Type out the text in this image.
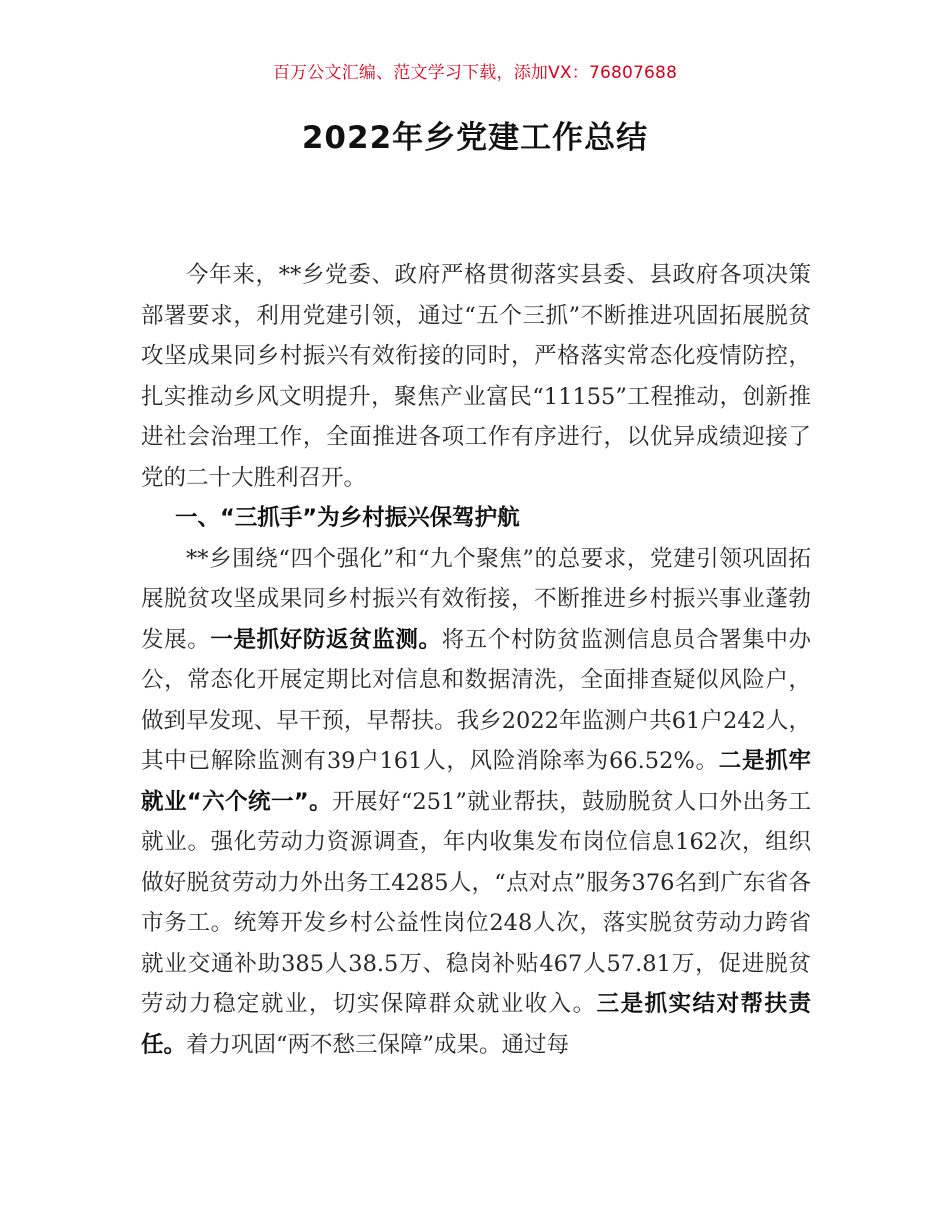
百万公文汇编、范文学习下载，添加VX：76807688
2022年乡党建工作总结

今年来，**乡党委、政府严格贯彻落实县委、县政府各项决策部署要求，利用党建引领，通过“五个三抓”不断推进巩固拓展脱贫攻坚成果同乡村振兴有效衔接的同时，严格落实常态化疫情防控，扎实推动乡风文明提升，聚焦产业富民“11155”工程推动，创新推进社会治理工作，全面推进各项工作有序进行，以优异成绩迎接了党的二十大胜利召开。

一、“三抓手”为乡村振兴保驾护航

**乡围绕“四个强化”和“九个聚焦”的总要求，党建引领巩固拓展脱贫攻坚成果同乡村振兴有效衔接，不断推进乡村振兴事业蓬勃发展。一是抓好防返贫监测。将五个村防贫监测信息员合署集中办公，常态化开展定期比对信息和数据清洗，全面排查疑似风险户，做到早发现、早干预，早帮扶。我乡2022年监测户共61户242人，其中已解除监测有39户161人，风险消除率为66.52%。二是抓牢就业“六个统一”。开展好“251”就业帮扶，鼓励脱贫人口外出务工就业。强化劳动力资源调查，年内收集发布岗位信息162次，组织做好脱贫劳动力外出务工4285人，“点对点”服务376名到广东省各市务工。统筹开发乡村公益性岗位248人次，落实脱贫劳动力跨省就业交通补助385人38.5万、稳岗补贴467人57.81万，促进脱贫劳动力稳定就业，切实保障群众就业收入。三是抓实结对帮扶责任。着力巩固“两不愁三保障”成果。通过每
